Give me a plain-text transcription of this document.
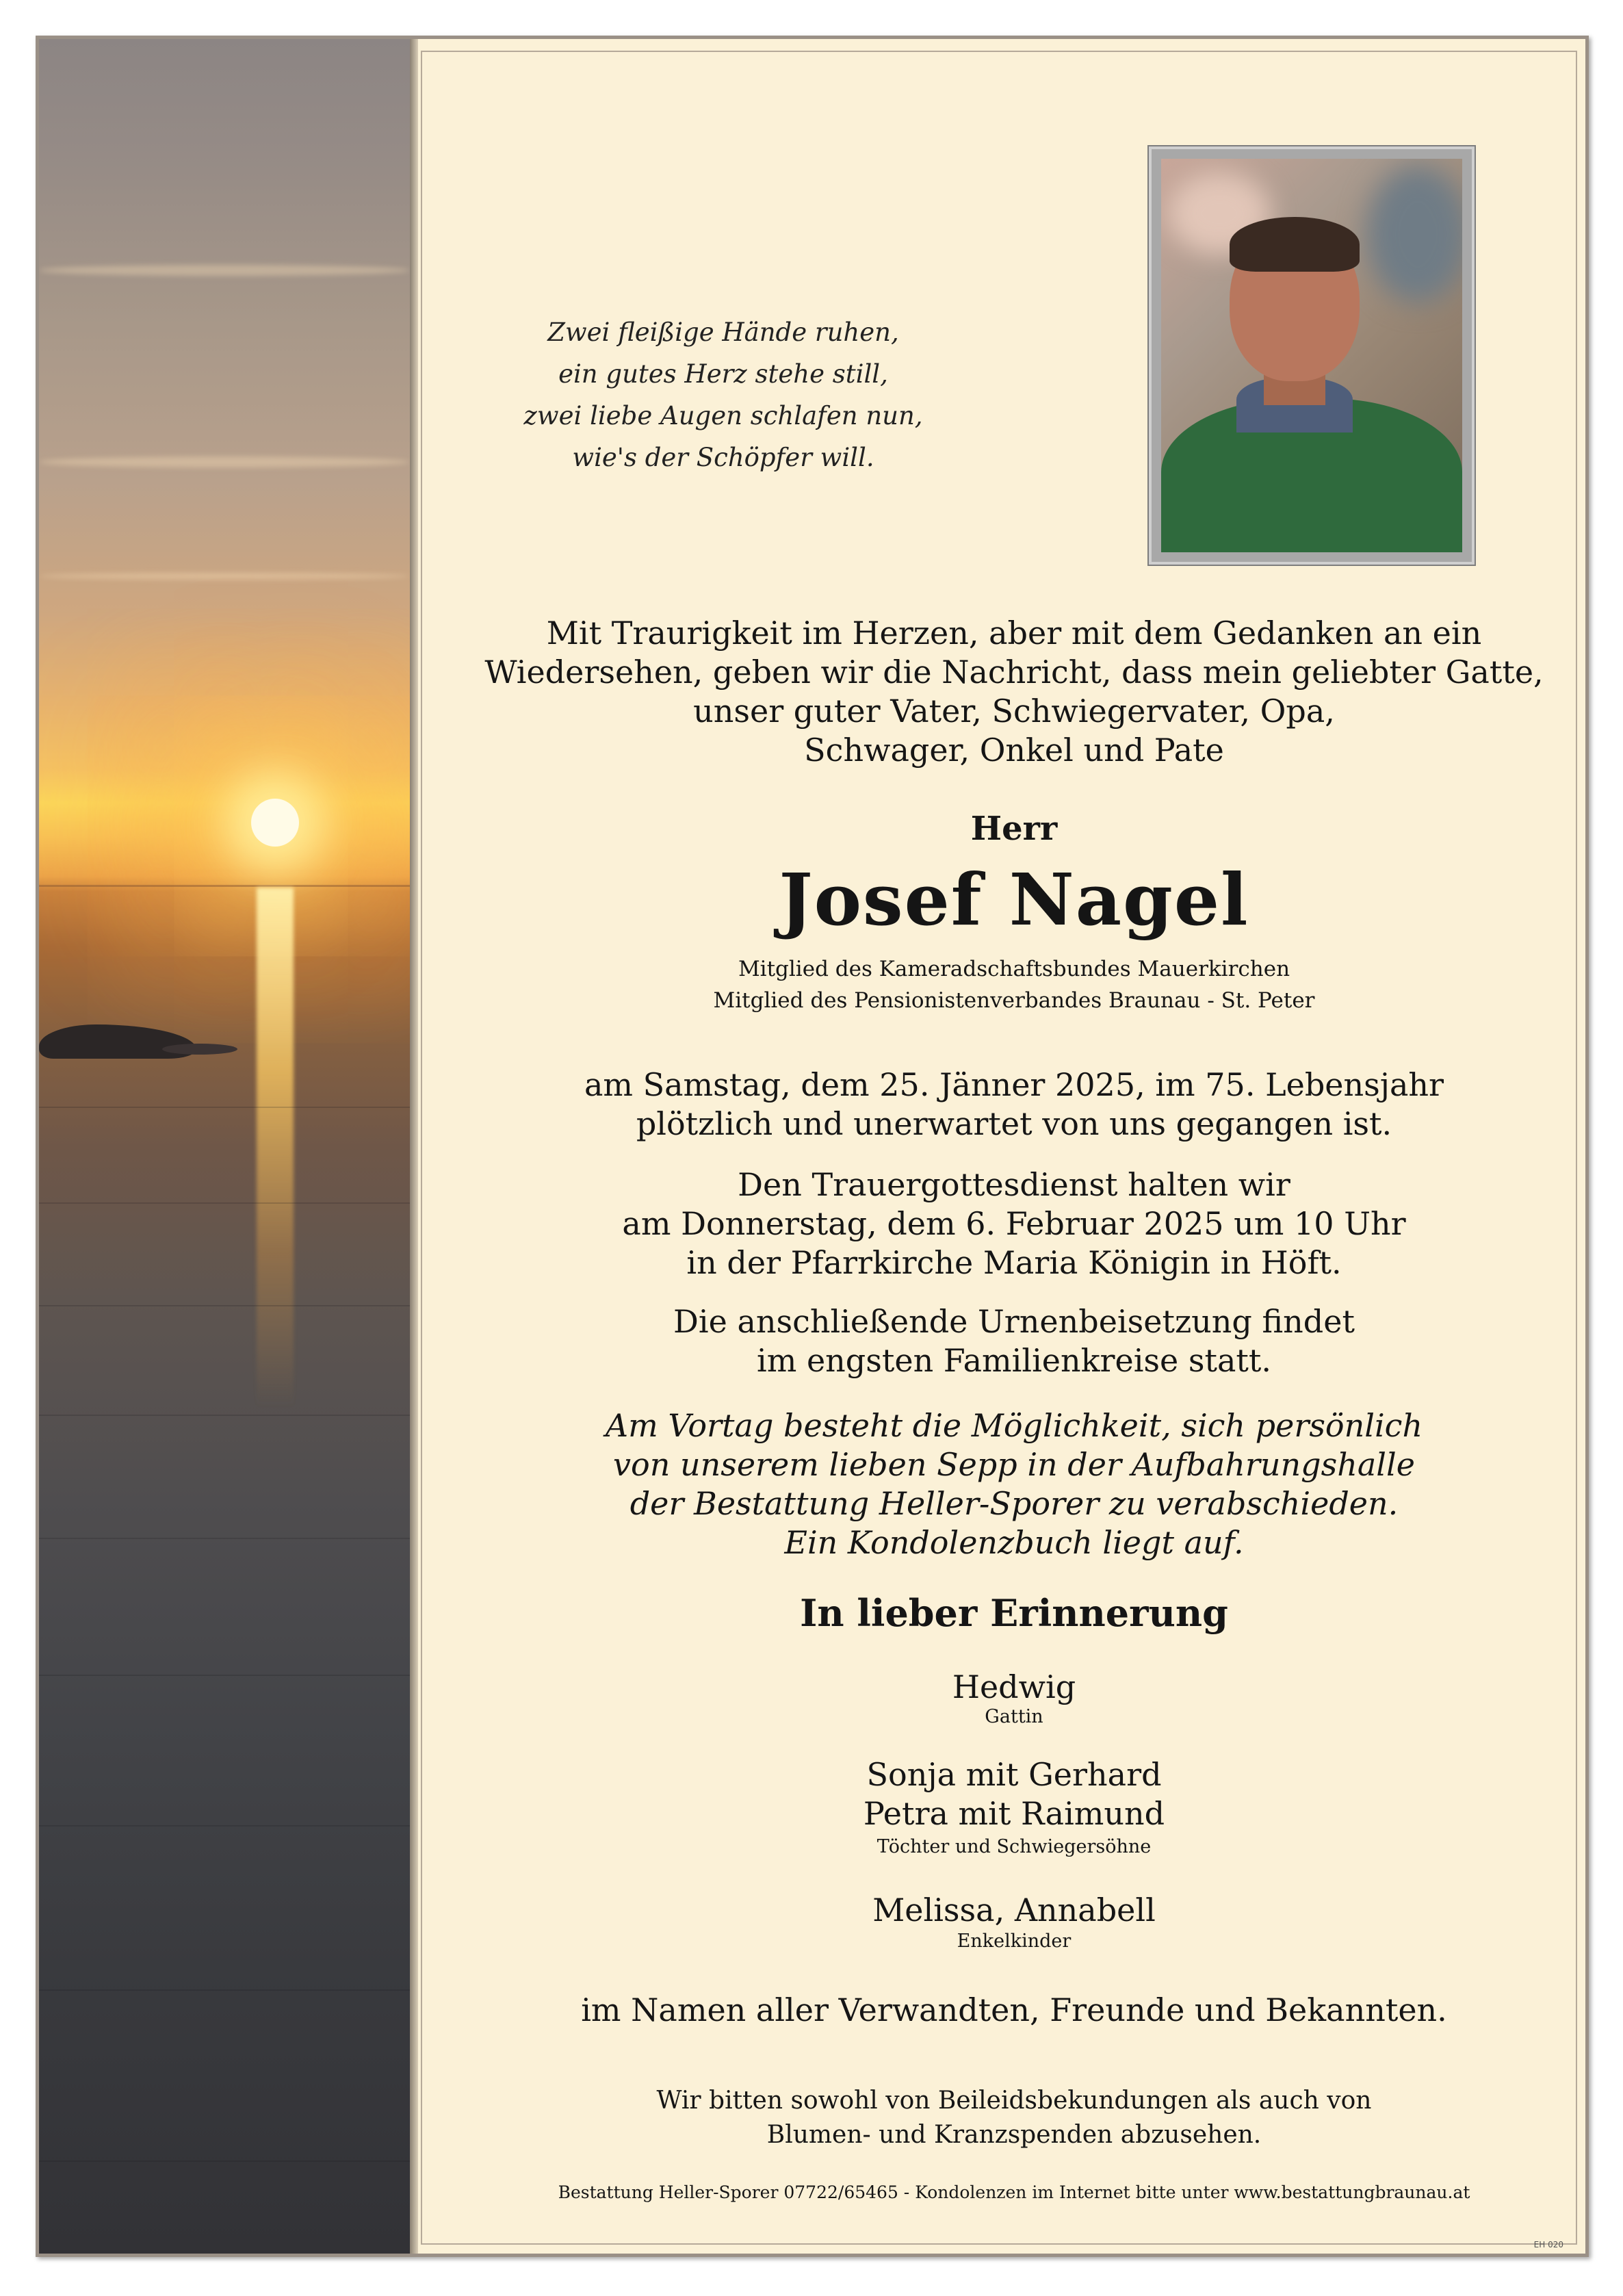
Zwei fleißige Hände ruhen,
ein gutes Herz stehe still,
zwei liebe Augen schlafen nun,
wie's der Schöpfer will.
Mit Traurigkeit im Herzen, aber mit dem Gedanken an ein
Wiedersehen, geben wir die Nachricht, dass mein geliebter Gatte,
unser guter Vater, Schwiegervater, Opa,
Schwager, Onkel und Pate
Herr
Josef Nagel
Mitglied des Kameradschaftsbundes Mauerkirchen
Mitglied des Pensionistenverbandes Braunau - St. Peter
am Samstag, dem 25. Jänner 2025, im 75. Lebensjahr
plötzlich und unerwartet von uns gegangen ist.
Den Trauergottesdienst halten wir
am Donnerstag, dem 6. Februar 2025 um 10 Uhr
in der Pfarrkirche Maria Königin in Höft.
Die anschließende Urnenbeisetzung findet
im engsten Familienkreise statt.
Am Vortag besteht die Möglichkeit, sich persönlich
von unserem lieben Sepp in der Aufbahrungshalle
der Bestattung Heller-Sporer zu verabschieden.
Ein Kondolenzbuch liegt auf.
In lieber Erinnerung
Hedwig
Gattin
Sonja mit Gerhard
Petra mit Raimund
Töchter und Schwiegersöhne
Melissa, Annabell
Enkelkinder
im Namen aller Verwandten, Freunde und Bekannten.
Wir bitten sowohl von Beileidsbekundungen als auch von
Blumen- und Kranzspenden abzusehen.
Bestattung Heller-Sporer 07722/65465 - Kondolenzen im Internet bitte unter www.bestattungbraunau.at
EH 020
